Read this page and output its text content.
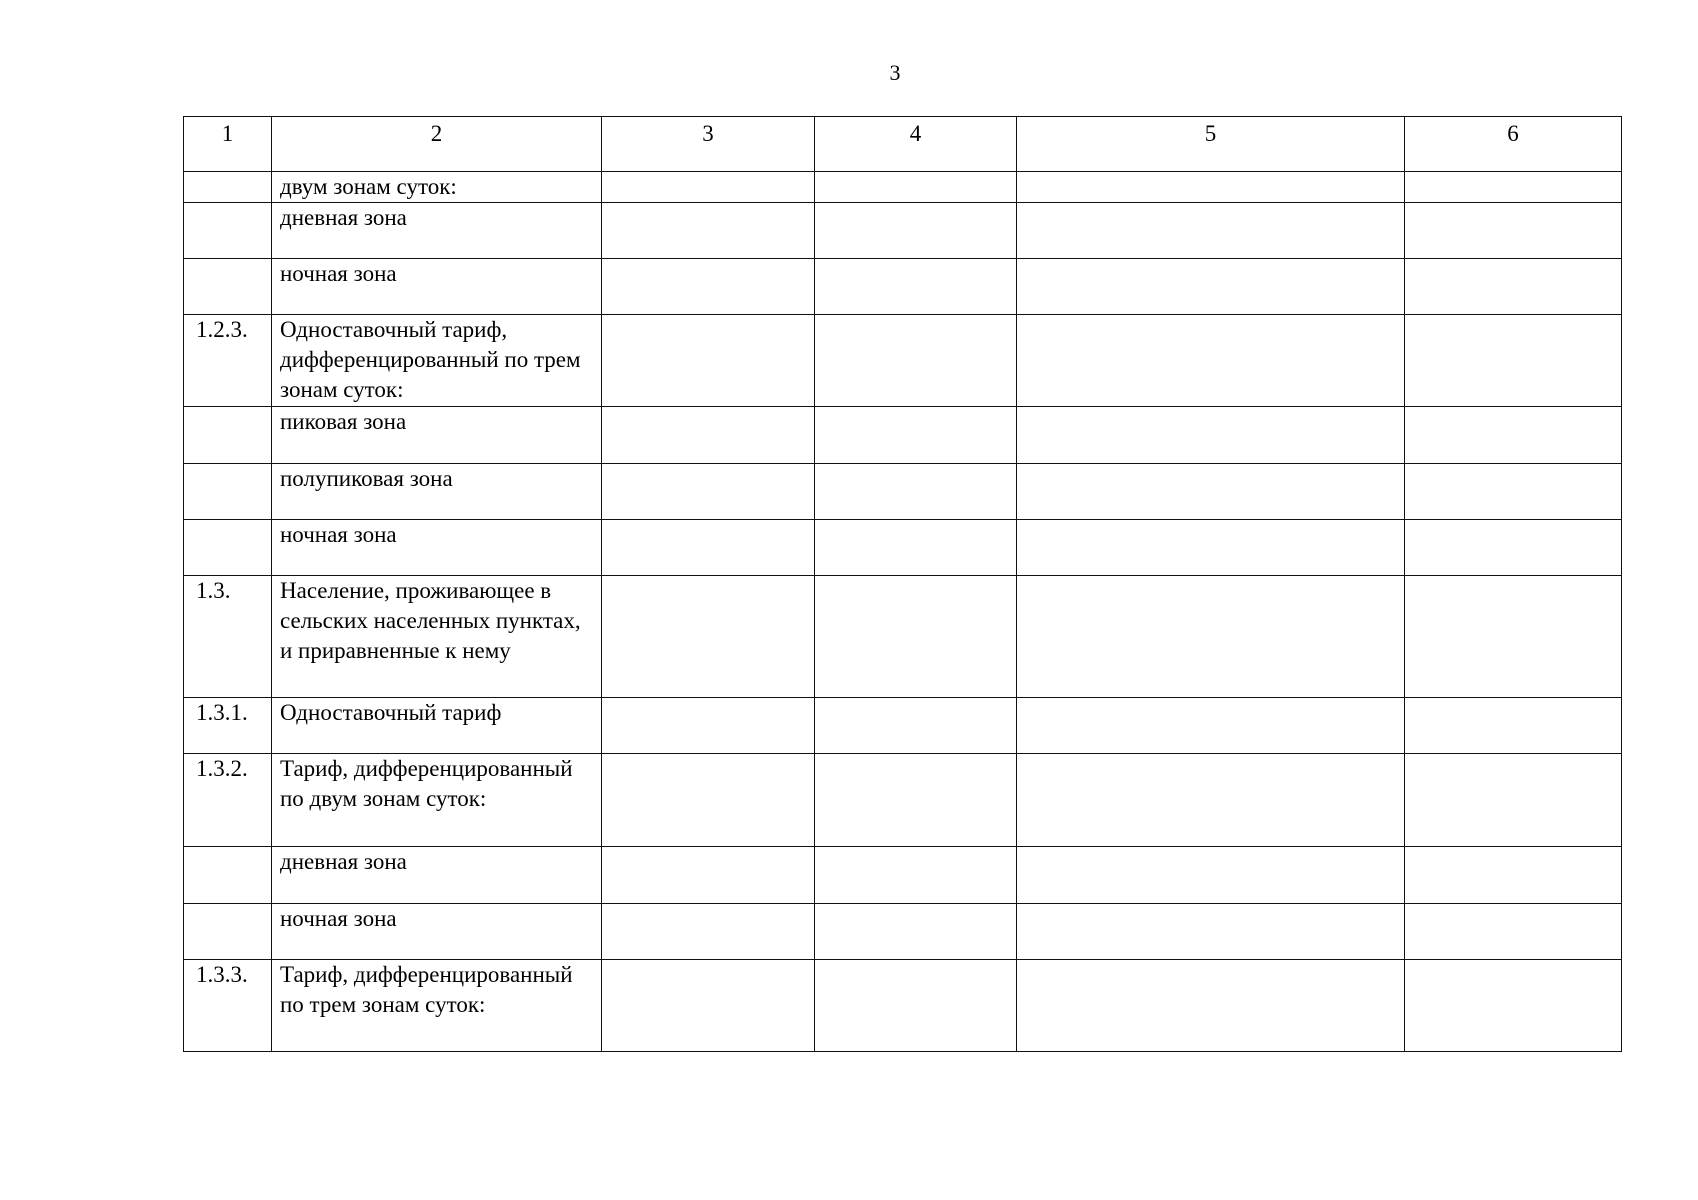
3
1	2	3	4	5	6
	двум зонам суток:				
	дневная зона				
	ночная зона				
1.2.3.	Одноставочный тариф, дифференцированный по трем зонам суток:				
	пиковая зона				
	полупиковая зона				
	ночная зона				
1.3.	Население, проживающее в сельских населенных пунктах, и приравненные к нему				
1.3.1.	Одноставочный тариф				
1.3.2.	Тариф, дифференцированный по двум зонам суток:				
	дневная зона				
	ночная зона				
1.3.3.	Тариф, дифференцированный по трем зонам суток:				
